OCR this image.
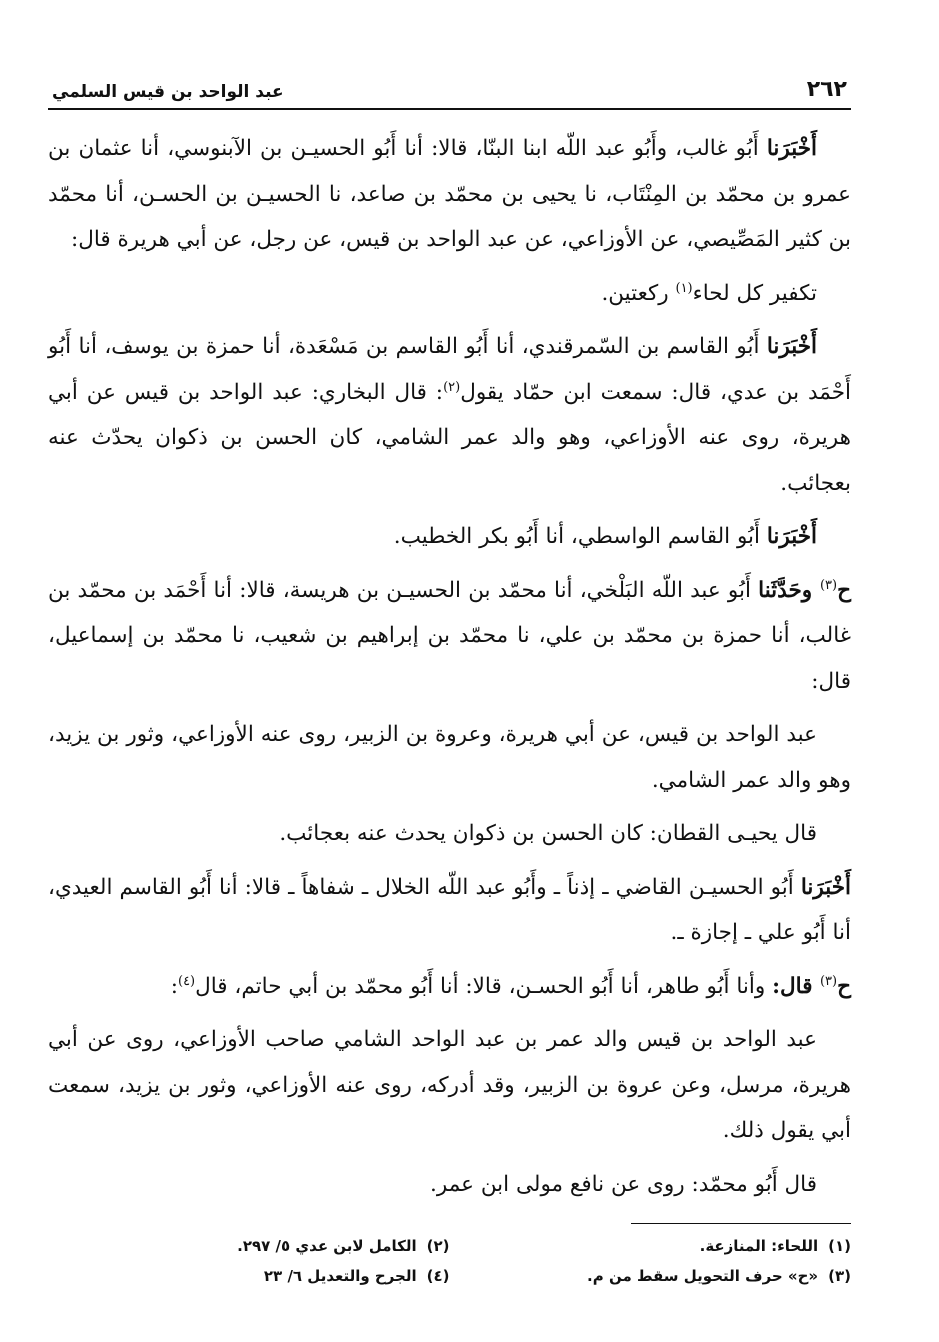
٢٦٢
عبد الواحد بن قيس السلمي

أَخْبَرَنا أَبُو غالب، وأَبُو عبد اللّه ابنا البنّا، قالا: أنا أَبُو الحسيـن بن الآبنوسي، أنا عثمان بن عمرو بن محمّد بن المِنْتَاب، نا يحيى بن محمّد بن صاعد، نا الحسيـن بن الحسـن، أنا محمّد بن كثير المَصِّيصي، عن الأوزاعي، عن عبد الواحد بن قيس، عن رجل، عن أبي هريرة قال:

تكفير كل لحاء$^{(١)}$ ركعتين.

أَخْبَرَنا أَبُو القاسم بن السّمرقندي، أنا أَبُو القاسم بن مَسْعَدة، أنا حمزة بن يوسف، أنا أَبُو أَحْمَد بن عدي، قال: سمعت ابن حمّاد يقول$^{(٢)}$: قال البخاري: عبد الواحد بن قيس عن أبي هريرة، روى عنه الأوزاعي، وهو والد عمر الشامي، كان الحسن بن ذكوان يحدّث عنه بعجائب.

أَخْبَرَنا أَبُو القاسم الواسطي، أنا أَبُو بكر الخطيب.

ح$^{(٣)}$ وحَدَّثَنا أَبُو عبد اللّه البَلْخي، أنا محمّد بن الحسيـن بن هريسة، قالا: أنا أَحْمَد بن محمّد بن غالب، أنا حمزة بن محمّد بن علي، نا محمّد بن إبراهيم بن شعيب، نا محمّد بن إسماعيل، قال:

عبد الواحد بن قيس، عن أبي هريرة، وعروة بن الزبير، روى عنه الأوزاعي، وثور بن يزيد، وهو والد عمر الشامي.

قال يحيـى القطان: كان الحسن بن ذكوان يحدث عنه بعجائب.

أَخْبَرَنا أَبُو الحسيـن القاضي ـ إذناً ـ وأَبُو عبد اللّه الخلال ـ شفاهاً ـ قالا: أنا أَبُو القاسم العيدي، أنا أَبُو علي ـ إجازة ـ.

ح$^{(٣)}$ قال: وأنا أَبُو طاهر، أنا أَبُو الحسـن، قالا: أنا أَبُو محمّد بن أبي حاتم، قال$^{(٤)}$:

عبد الواحد بن قيس والد عمر بن عبد الواحد الشامي صاحب الأوزاعي، روى عن أبي هريرة، مرسل، وعن عروة بن الزبير، وقد أدركه، روى عنه الأوزاعي، وثور بن يزيد، سمعت أبي يقول ذلك.

قال أَبُو محمّد: روى عن نافع مولى ابن عمر.

(١)اللحاء: المنازعة.
(٢)الكامل لابن عدي ٥/ ٢٩٧.
(٣)«ح» حرف التحويل سقط من م.
(٤)الجرح والتعديل ٦/ ٢٣
